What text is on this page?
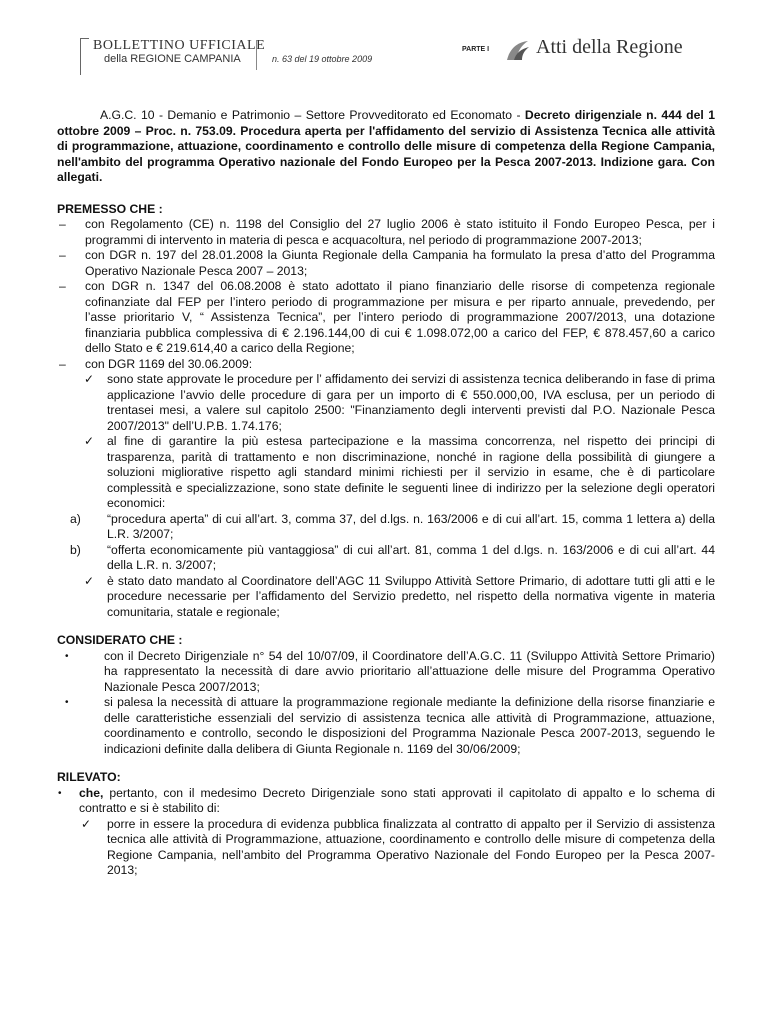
BOLLETTINO UFFICIALE
della REGIONE CAMPANIA	n. 63 del 19 ottobre 2009
PARTE I Atti della Regione

A.G.C. 10 - Demanio e Patrimonio – Settore Provveditorato ed Economato - Decreto dirigenziale n. 444 del 1 ottobre 2009 – Proc. n. 753.09. Procedura aperta per l'affidamento del servizio di Assistenza Tecnica alle attività di programmazione, attuazione, coordinamento e controllo delle misure di competenza della Regione Campania, nell'ambito del programma Operativo nazionale del Fondo Europeo per la Pesca 2007-2013. Indizione gara. Con allegati.

PREMESSO CHE :

– con Regolamento (CE) n. 1198 del Consiglio del 27 luglio 2006 è stato istituito il Fondo Europeo Pesca, per i programmi di intervento in materia di pesca e acquacoltura, nel periodo di programmazione 2007-2013;
– con DGR n. 197 del 28.01.2008 la Giunta Regionale della Campania ha formulato la presa d’atto del Programma Operativo Nazionale Pesca 2007 – 2013;
– con DGR n. 1347 del 06.08.2008 è stato adottato il piano finanziario delle risorse di competenza regionale cofinanziate dal FEP per l’intero periodo di programmazione per misura e per riparto annuale, prevedendo, per l’asse prioritario V, “ Assistenza Tecnica”, per l’intero periodo di programmazione 2007/2013, una dotazione finanziaria pubblica complessiva di € 2.196.144,00 di cui € 1.098.072,00 a carico del FEP, € 878.457,60 a carico dello Stato e € 219.614,40 a carico della Regione;
– con DGR 1169 del 30.06.2009:
✓ sono state approvate le procedure per l’ affidamento dei servizi di assistenza tecnica deliberando in fase di prima applicazione l’avvio delle procedure di gara per un importo di € 550.000,00, IVA esclusa, per un periodo di trentasei mesi, a valere sul capitolo 2500: "Finanziamento degli interventi previsti dal P.O. Nazionale Pesca 2007/2013" dell’U.P.B. 1.74.176;
✓ al fine di garantire la più estesa partecipazione e la massima concorrenza, nel rispetto dei principi di trasparenza, parità di trattamento e non discriminazione, nonché in ragione della possibilità di giungere a soluzioni migliorative rispetto agli standard minimi richiesti per il servizio in esame, che è di particolare complessità e specializzazione, sono state definite le seguenti linee di indirizzo per la selezione degli operatori economici:
a) “procedura aperta” di cui all’art. 3, comma 37, del d.lgs. n. 163/2006 e di cui all’art. 15, comma 1 lettera a) della L.R. 3/2007;
b) “offerta economicamente più vantaggiosa” di cui all’art. 81, comma 1 del d.lgs. n. 163/2006 e di cui all’art. 44 della L.R. n. 3/2007;
✓ è stato dato mandato al Coordinatore dell’AGC 11 Sviluppo Attività Settore Primario, di adottare tutti gli atti e le procedure necessarie per l’affidamento del Servizio predetto, nel rispetto della normativa vigente in materia comunitaria, statale e regionale;

CONSIDERATO CHE :

•	con il Decreto Dirigenziale n° 54 del 10/07/09, il Coordinatore dell’A.G.C. 11 (Sviluppo Attività Settore Primario) ha rappresentato la necessità di dare avvio prioritario all’attuazione delle misure del Programma Operativo Nazionale Pesca 2007/2013;
•	si palesa la necessità di attuare la programmazione regionale mediante la definizione della risorse finanziarie e delle caratteristiche essenziali del servizio di assistenza tecnica alle attività di Programmazione, attuazione, coordinamento e controllo, secondo le disposizioni del Programma Nazionale Pesca 2007-2013, seguendo le indicazioni definite dalla delibera di Giunta Regionale n. 1169 del 30/06/2009;

RILEVATO:

• che, pertanto, con il medesimo Decreto Dirigenziale sono stati approvati il capitolato di appalto e lo schema di contratto e si è stabilito di:
✓ porre in essere la procedura di evidenza pubblica finalizzata al contratto di appalto per il Servizio di assistenza tecnica alle attività di Programmazione, attuazione, coordinamento e controllo delle misure di competenza della Regione Campania, nell’ambito del Programma Operativo Nazionale del Fondo Europeo per la Pesca 2007-2013;
